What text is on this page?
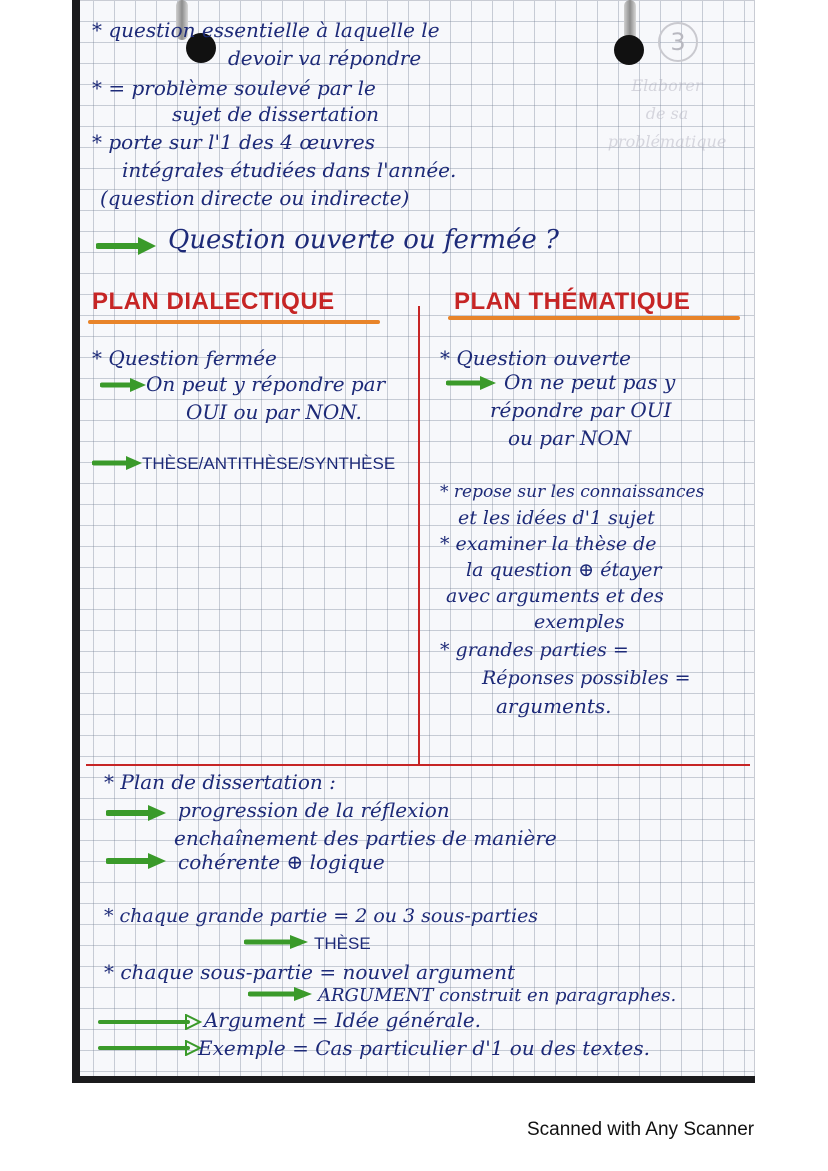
3
Elaborer
de sa
problématique
* question essentielle à laquelle le
devoir va répondre
* = problème soulevé par le
sujet de dissertation
* porte sur l'1 des 4 œuvres
intégrales étudiées dans l'année.
(question directe ou indirecte)
Question ouverte ou fermée ?
PLAN DIALECTIQUE	PLAN THÉMATIQUE
* Question fermée
On peut y répondre par
OUI ou par NON.
THÈSE/ANTITHÈSE/SYNTHÈSE
* Question ouverte
On ne peut pas y
répondre par OUI
ou par NON
* repose sur les connaissances
et les idées d'1 sujet
* examiner la thèse de
la question ⊕ étayer
avec arguments et des
exemples
* grandes parties =
Réponses possibles =
arguments.
* Plan de dissertation :
progression de la réflexion
enchaînement des parties de manière
cohérente ⊕ logique
* chaque grande partie = 2 ou 3 sous-parties
THÈSE
* chaque sous-partie = nouvel argument
ARGUMENT construit en paragraphes.
Argument = Idée générale.
Exemple = Cas particulier d'1 ou des textes.
Scanned with Any Scanner
